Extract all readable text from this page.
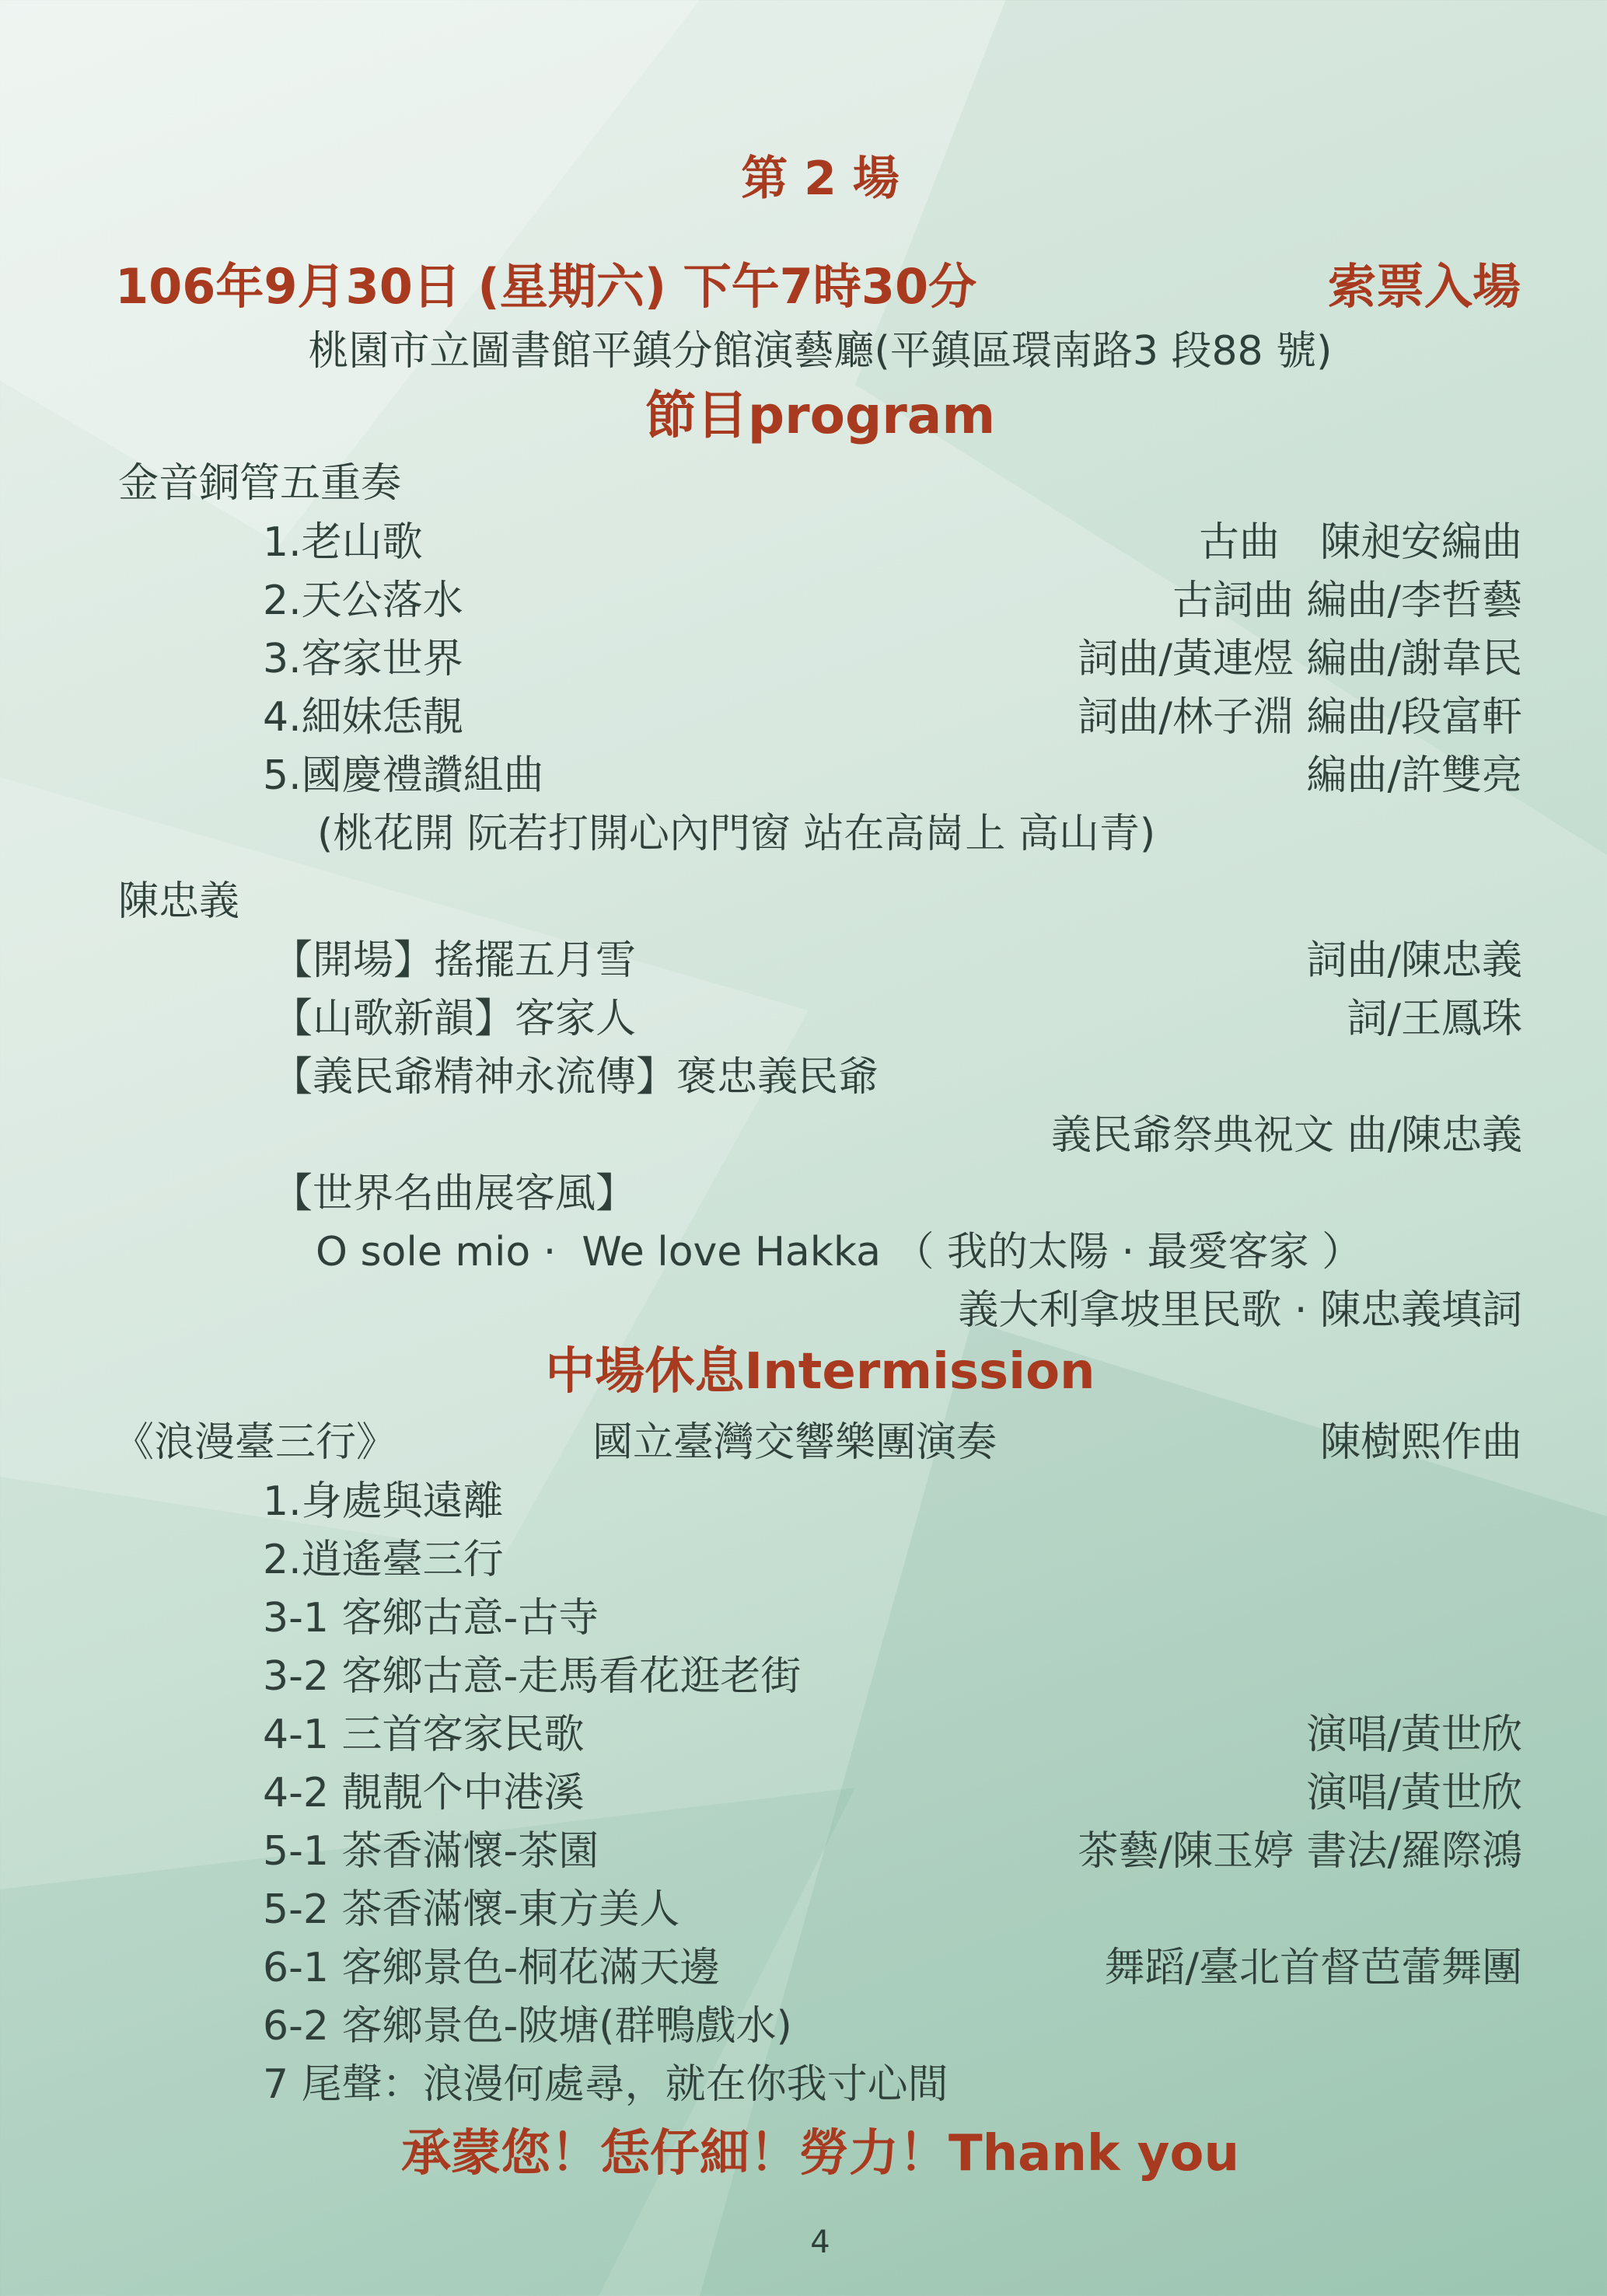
第 2 場
106年9月30日 (星期六) 下午7時30分	索票入場
桃園市立圖書館平鎮分館演藝廳(平鎮區環南路3 段88 號)
節目program
金音銅管五重奏
1.老山歌	古曲　陳昶安編曲
2.天公落水	古詞曲 編曲/李哲藝
3.客家世界	詞曲/黃連煜 編曲/謝韋民
4.細妹恁靚	詞曲/林子淵 編曲/段富軒
5.國慶禮讚組曲	編曲/許雙亮
(桃花開 阮若打開心內門窗 站在高崗上 高山青)
陳忠義
【開場】搖擺五月雪	詞曲/陳忠義
【山歌新韻】客家人	詞/王鳳珠
【義民爺精神永流傳】褒忠義民爺
義民爺祭典祝文 曲/陳忠義
【世界名曲展客風】
O sole mio ·  We love Hakka （ 我的太陽 · 最愛客家 ）
義大利拿坡里民歌 · 陳忠義填詞
中場休息Intermission
《浪漫臺三行》	國立臺灣交響樂團演奏	陳樹熙作曲
1.身處與遠離
2.逍遙臺三行
3-1 客鄉古意-古寺
3-2 客鄉古意-走馬看花逛老街
4-1 三首客家民歌	演唱/黃世欣
4-2 靚靚个中港溪	演唱/黃世欣
5-1 茶香滿懷-茶園	茶藝/陳玉婷 書法/羅際鴻
5-2 茶香滿懷-東方美人
6-1 客鄉景色-桐花滿天邊	舞蹈/臺北首督芭蕾舞團
6-2 客鄉景色-陂塘(群鴨戲水)
7 尾聲：浪漫何處尋，就在你我寸心間
承蒙您！恁仔細！勞力！Thank you
4
